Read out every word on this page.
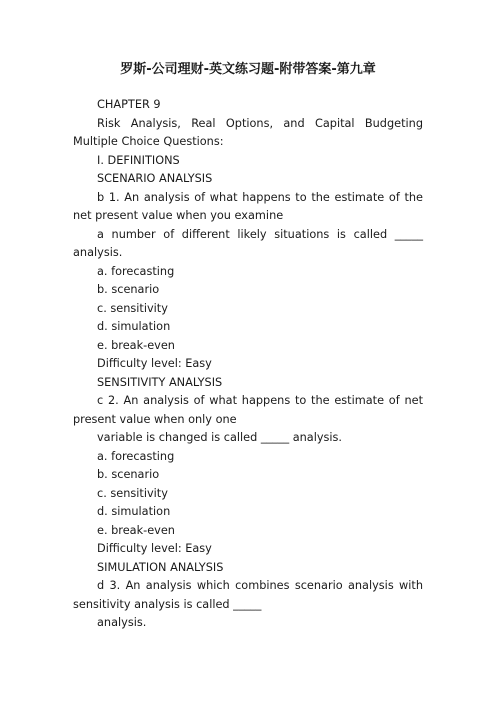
罗斯-公司理财-英文练习题-附带答案-第九章

CHAPTER 9

Risk Analysis, Real Options, and Capital Budgeting Multiple Choice Questions:

I. DEFINITIONS

SCENARIO ANALYSIS

b 1. An analysis of what happens to the estimate of the net present value when you examine

a number of different likely situations is called _____ analysis.

a. forecasting

b. scenario

c. sensitivity

d. simulation

e. break-even

Difficulty level: Easy

SENSITIVITY ANALYSIS

c 2. An analysis of what happens to the estimate of net present value when only one

variable is changed is called _____ analysis.

a. forecasting

b. scenario

c. sensitivity

d. simulation

e. break-even

Difficulty level: Easy

SIMULATION ANALYSIS

d 3. An analysis which combines scenario analysis with sensitivity analysis is called _____

analysis.
